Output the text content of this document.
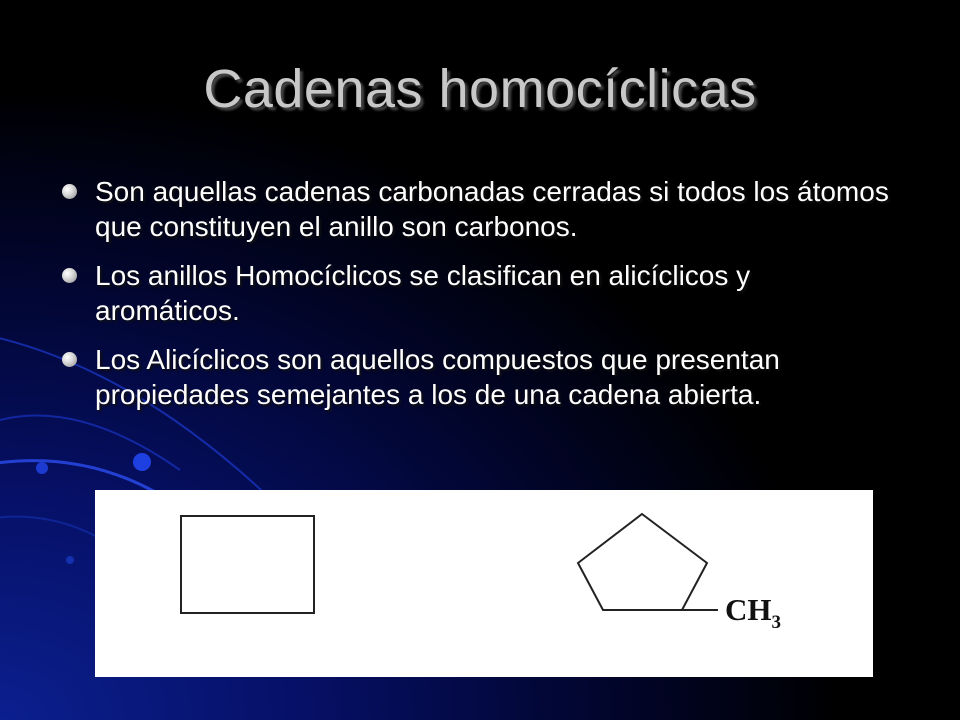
Cadenas homocíclicas
Son aquellas cadenas carbonadas cerradas si todos los átomos que constituyen el anillo son carbonos.
Los anillos Homocíclicos se clasifican en alicíclicos y aromáticos.
Los Alicíclicos son aquellos compuestos que presentan propiedades semejantes a los de una cadena abierta.
$CH_3$
